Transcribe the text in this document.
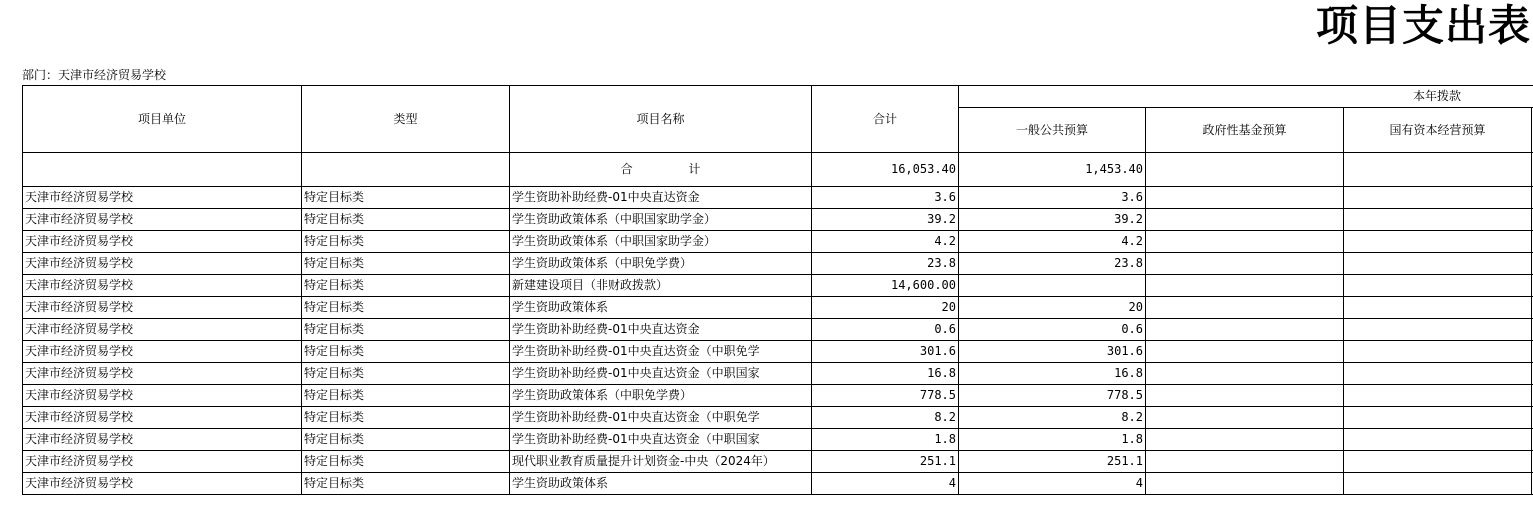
项目支出表
部门：天津市经济贸易学校
项目单位	类型	项目名称	合计	本年拨款			
				一般公共预算	政府性基金预算	国有资本经营预算	
		合 计	16,053.40	1,453.40			
天津市经济贸易学校	特定目标类	学生资助补助经费-01中央直达资金	3.6	3.6			
天津市经济贸易学校	特定目标类	学生资助政策体系（中职国家助学金）	39.2	39.2			
天津市经济贸易学校	特定目标类	学生资助政策体系（中职国家助学金）	4.2	4.2			
天津市经济贸易学校	特定目标类	学生资助政策体系（中职免学费）	23.8	23.8			
天津市经济贸易学校	特定目标类	新建建设项目（非财政拨款）	14,600.00				
天津市经济贸易学校	特定目标类	学生资助政策体系	20	20			
天津市经济贸易学校	特定目标类	学生资助补助经费-01中央直达资金	0.6	0.6			
天津市经济贸易学校	特定目标类	学生资助补助经费-01中央直达资金（中职免学	301.6	301.6			
天津市经济贸易学校	特定目标类	学生资助补助经费-01中央直达资金（中职国家	16.8	16.8			
天津市经济贸易学校	特定目标类	学生资助政策体系（中职免学费）	778.5	778.5			
天津市经济贸易学校	特定目标类	学生资助补助经费-01中央直达资金（中职免学	8.2	8.2			
天津市经济贸易学校	特定目标类	学生资助补助经费-01中央直达资金（中职国家	1.8	1.8			
天津市经济贸易学校	特定目标类	现代职业教育质量提升计划资金-中央（2024年）	251.1	251.1			
天津市经济贸易学校	特定目标类	学生资助政策体系	4	4			
